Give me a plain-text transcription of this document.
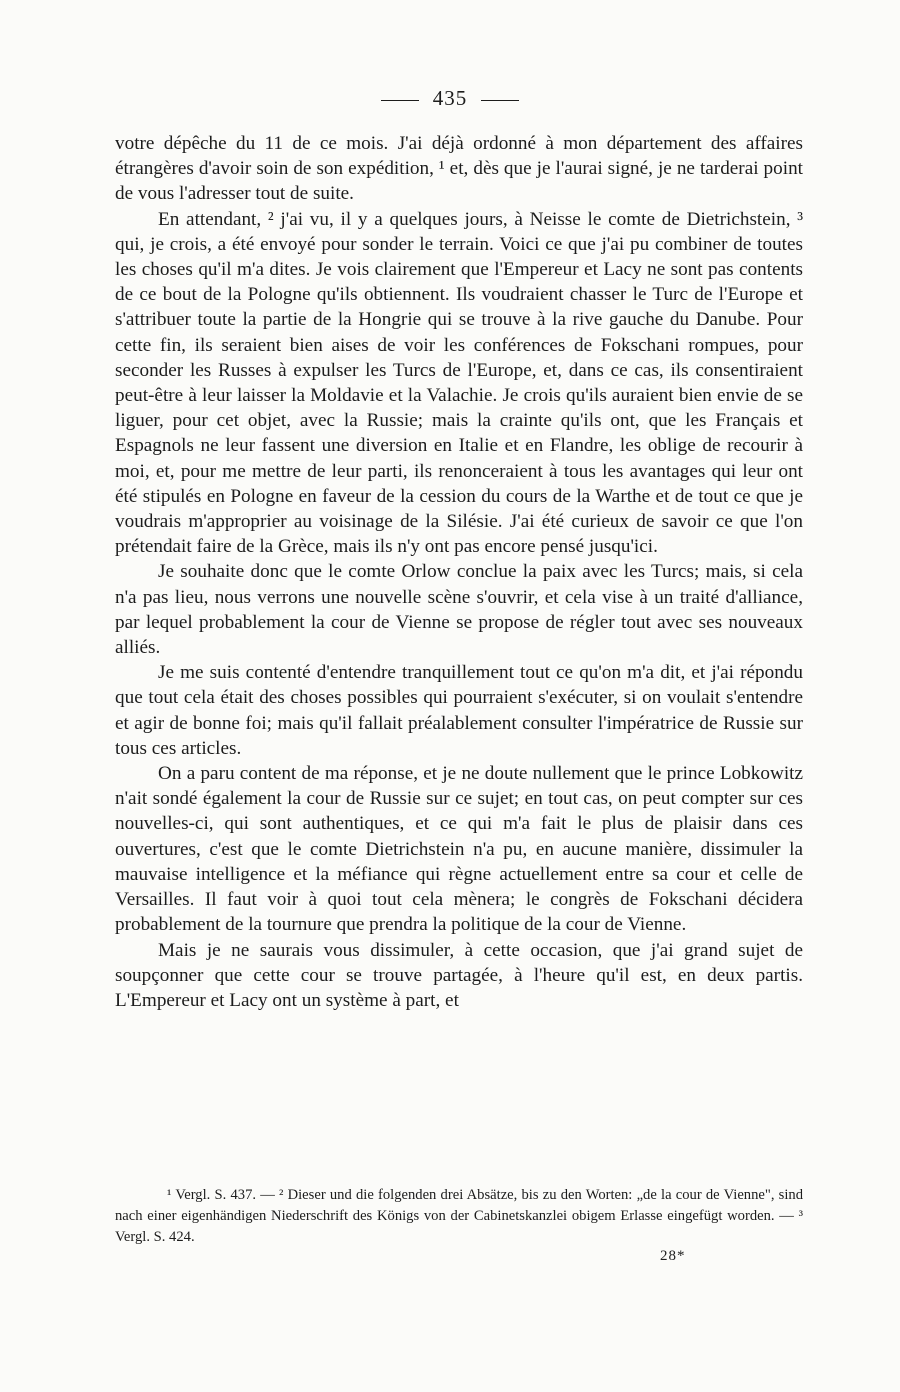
435

votre dépêche du 11 de ce mois. J'ai déjà ordonné à mon département des affaires étrangères d'avoir soin de son expédition, ¹ et, dès que je l'aurai signé, je ne tarderai point de vous l'adresser tout de suite.

En attendant, ² j'ai vu, il y a quelques jours, à Neisse le comte de Dietrichstein, ³ qui, je crois, a été envoyé pour sonder le terrain. Voici ce que j'ai pu combiner de toutes les choses qu'il m'a dites. Je vois clairement que l'Empereur et Lacy ne sont pas contents de ce bout de la Pologne qu'ils obtiennent. Ils voudraient chasser le Turc de l'Europe et s'attribuer toute la partie de la Hongrie qui se trouve à la rive gauche du Danube. Pour cette fin, ils seraient bien aises de voir les conférences de Fokschani rompues, pour seconder les Russes à expulser les Turcs de l'Europe, et, dans ce cas, ils consentiraient peut-être à leur laisser la Moldavie et la Valachie. Je crois qu'ils auraient bien envie de se liguer, pour cet objet, avec la Russie; mais la crainte qu'ils ont, que les Français et Espagnols ne leur fassent une diversion en Italie et en Flandre, les oblige de recourir à moi, et, pour me mettre de leur parti, ils renonceraient à tous les avantages qui leur ont été stipulés en Pologne en faveur de la cession du cours de la Warthe et de tout ce que je voudrais m'approprier au voisinage de la Silésie. J'ai été curieux de savoir ce que l'on prétendait faire de la Grèce, mais ils n'y ont pas encore pensé jusqu'ici.

Je souhaite donc que le comte Orlow conclue la paix avec les Turcs; mais, si cela n'a pas lieu, nous verrons une nouvelle scène s'ouvrir, et cela vise à un traité d'alliance, par lequel probablement la cour de Vienne se propose de régler tout avec ses nouveaux alliés.

Je me suis contenté d'entendre tranquillement tout ce qu'on m'a dit, et j'ai répondu que tout cela était des choses possibles qui pourraient s'exécuter, si on voulait s'entendre et agir de bonne foi; mais qu'il fallait préalablement consulter l'impératrice de Russie sur tous ces articles.

On a paru content de ma réponse, et je ne doute nullement que le prince Lobkowitz n'ait sondé également la cour de Russie sur ce sujet; en tout cas, on peut compter sur ces nouvelles-ci, qui sont authentiques, et ce qui m'a fait le plus de plaisir dans ces ouvertures, c'est que le comte Dietrichstein n'a pu, en aucune manière, dissimuler la mauvaise intelligence et la méfiance qui règne actuellement entre sa cour et celle de Versailles. Il faut voir à quoi tout cela mènera; le congrès de Fokschani décidera probablement de la tournure que prendra la politique de la cour de Vienne.

Mais je ne saurais vous dissimuler, à cette occasion, que j'ai grand sujet de soupçonner que cette cour se trouve partagée, à l'heure qu'il est, en deux partis. L'Empereur et Lacy ont un système à part, et

¹ Vergl. S. 437. — ² Dieser und die folgenden drei Absätze, bis zu den Worten: „de la cour de Vienne", sind nach einer eigenhändigen Niederschrift des Königs von der Cabinetskanzlei obigem Erlasse eingefügt worden. — ³ Vergl. S. 424.

28*
